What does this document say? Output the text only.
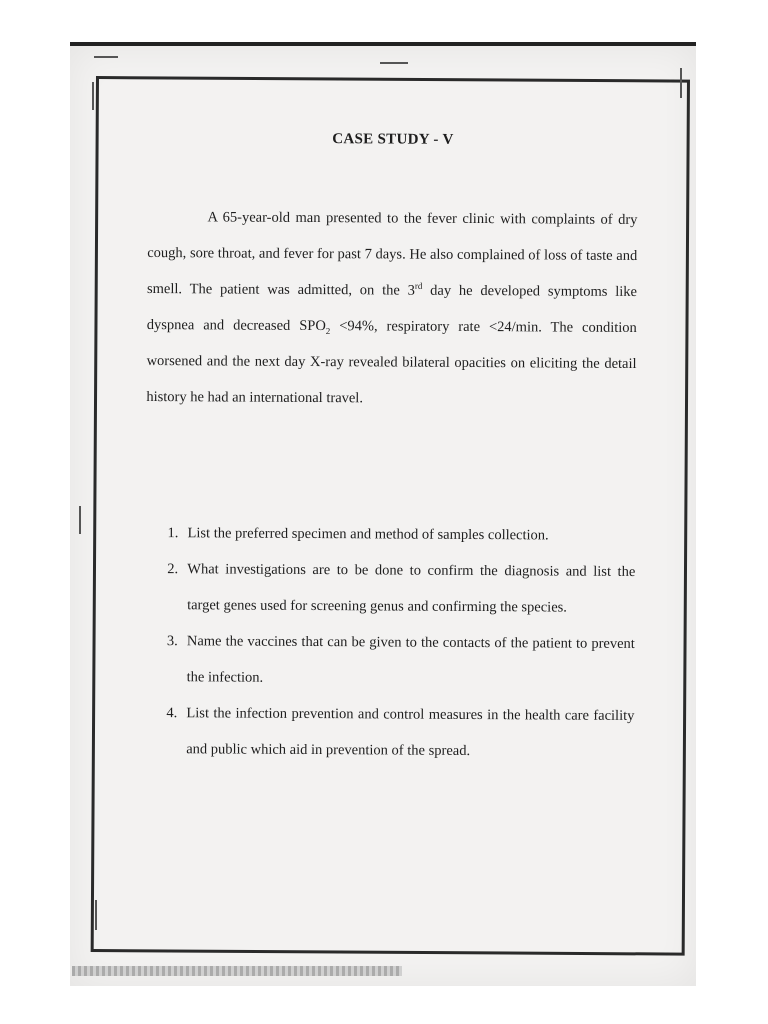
CASE STUDY - V

A 65-year-old man presented to the fever clinic with complaints of dry cough, sore throat, and fever for past 7 days. He also complained of loss of taste and smell. The patient was admitted, on the 3rd day he developed symptoms like dyspnea and decreased $SPO_2 <94\%$, respiratory rate <24/min. The condition worsened and the next day X-ray revealed bilateral opacities on eliciting the detail history he had an international travel.

1. List the preferred specimen and method of samples collection.
2. What investigations are to be done to confirm the diagnosis and list the target genes used for screening genus and confirming the species.
3. Name the vaccines that can be given to the contacts of the patient to prevent the infection.
4. List the infection prevention and control measures in the health care facility and public which aid in prevention of the spread.
